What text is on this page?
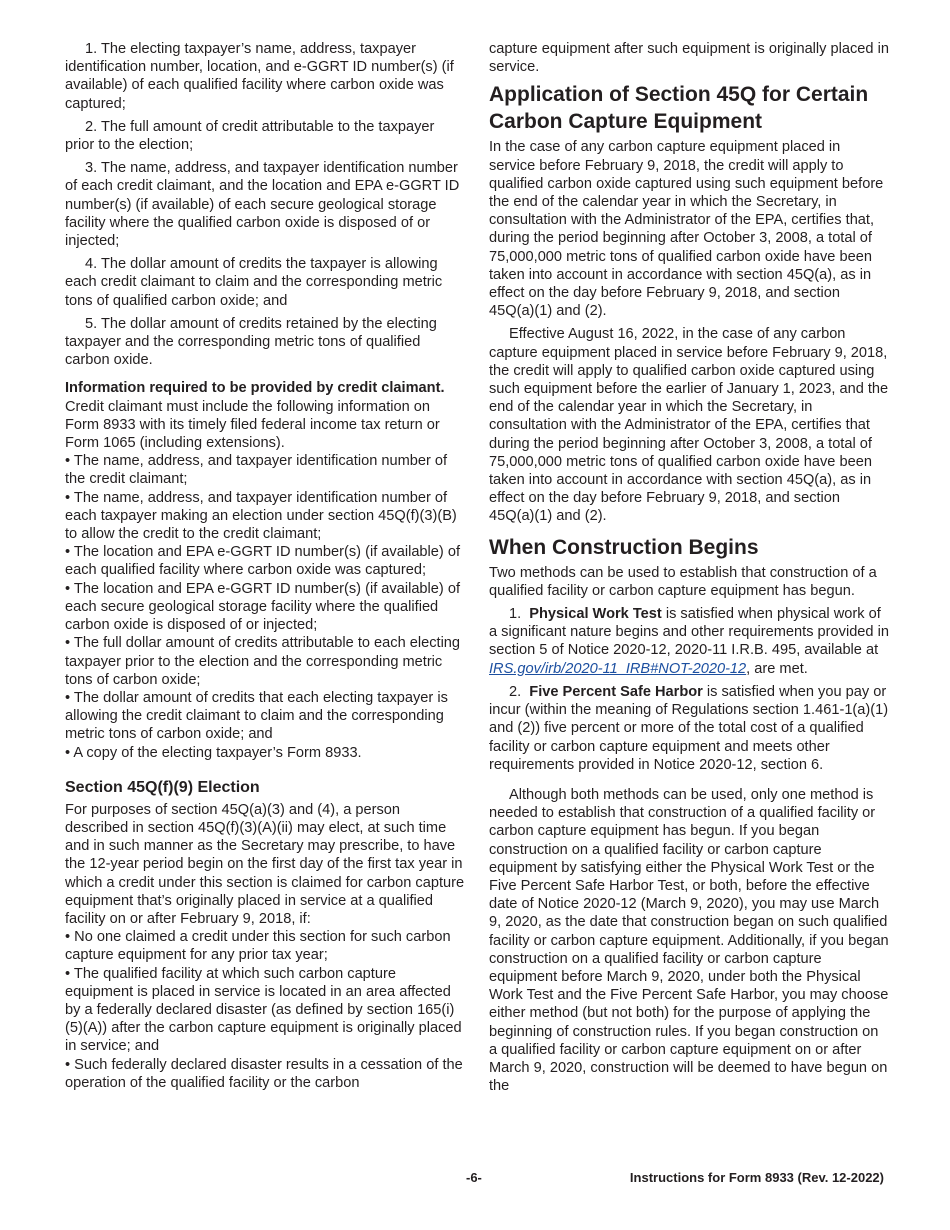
1. The electing taxpayer’s name, address, taxpayer identification number, location, and e-GGRT ID number(s) (if available) of each qualified facility where carbon oxide was captured;

2. The full amount of credit attributable to the taxpayer prior to the election;

3. The name, address, and taxpayer identification number of each credit claimant, and the location and EPA e-GGRT ID number(s) (if available) of each secure geological storage facility where the qualified carbon oxide is disposed of or injected;

4. The dollar amount of credits the taxpayer is allowing each credit claimant to claim and the corresponding metric tons of qualified carbon oxide; and

5. The dollar amount of credits retained by the electing taxpayer and the corresponding metric tons of qualified carbon oxide.

Information required to be provided by credit claimant.  Credit claimant must include the following information on Form 8933 with its timely filed federal income tax return or Form 1065 (including extensions).

• The name, address, and taxpayer identification number of the credit claimant;

• The name, address, and taxpayer identification number of each taxpayer making an election under section 45Q(f)(3)(B) to allow the credit to the credit claimant;

• The location and EPA e-GGRT ID number(s) (if available) of each qualified facility where carbon oxide was captured;

• The location and EPA e-GGRT ID number(s) (if available) of each secure geological storage facility where the qualified carbon oxide is disposed of or injected;

• The full dollar amount of credits attributable to each electing taxpayer prior to the election and the corresponding metric tons of carbon oxide;

• The dollar amount of credits that each electing taxpayer is allowing the credit claimant to claim and the corresponding metric tons of carbon oxide; and

• A copy of the electing taxpayer’s Form 8933.

Section 45Q(f)(9) Election

For purposes of section 45Q(a)(3) and (4), a person described in section 45Q(f)(3)(A)(ii) may elect, at such time and in such manner as the Secretary may prescribe, to have the 12-year period begin on the first day of the first tax year in which a credit under this section is claimed for carbon capture equipment that’s originally placed in service at a qualified facility on or after February 9, 2018, if:

• No one claimed a credit under this section for such carbon capture equipment for any prior tax year;

• The qualified facility at which such carbon capture equipment is placed in service is located in an area affected by a federally declared disaster (as defined by section 165(i)(5)(A)) after the carbon capture equipment is originally placed in service; and

• Such federally declared disaster results in a cessation of the operation of the qualified facility or the carbon

capture equipment after such equipment is originally placed in service.

Application of Section 45Q for Certain Carbon Capture Equipment

In the case of any carbon capture equipment placed in service before February 9, 2018, the credit will apply to qualified carbon oxide captured using such equipment before the end of the calendar year in which the Secretary, in consultation with the Administrator of the EPA, certifies that, during the period beginning after October 3, 2008, a total of 75,000,000 metric tons of qualified carbon oxide have been taken into account in accordance with section 45Q(a), as in effect on the day before February 9, 2018, and section 45Q(a)(1) and (2).

Effective August 16, 2022, in the case of any carbon capture equipment placed in service before February 9, 2018, the credit will apply to qualified carbon oxide captured using such equipment before the earlier of January 1, 2023, and the end of the calendar year in which the Secretary, in consultation with the Administrator of the EPA, certifies that during the period beginning after October 3, 2008, a total of 75,000,000 metric tons of qualified carbon oxide have been taken into account in accordance with section 45Q(a), as in effect on the day before February 9, 2018, and section 45Q(a)(1) and (2).

When Construction Begins

Two methods can be used to establish that construction of a qualified facility or carbon capture equipment has begun.

1. Physical Work Test is satisfied when physical work of a significant nature begins and other requirements provided in section 5 of Notice 2020-12, 2020-11 I.R.B. 495, available at IRS.gov/irb/2020-11_IRB#NOT-2020-12, are met.

2. Five Percent Safe Harbor is satisfied when you pay or incur (within the meaning of Regulations section 1.461-1(a)(1) and (2)) five percent or more of the total cost of a qualified facility or carbon capture equipment and meets other requirements provided in Notice 2020-12, section 6.

Although both methods can be used, only one method is needed to establish that construction of a qualified facility or carbon capture equipment has begun. If you began construction on a qualified facility or carbon capture equipment by satisfying either the Physical Work Test or the Five Percent Safe Harbor Test, or both, before the effective date of Notice 2020-12 (March 9, 2020), you may use March 9, 2020, as the date that construction began on such qualified facility or carbon capture equipment. Additionally, if you began construction on a qualified facility or carbon capture equipment before March 9, 2020, under both the Physical Work Test and the Five Percent Safe Harbor, you may choose either method (but not both) for the purpose of applying the beginning of construction rules. If you began construction on a qualified facility or carbon capture equipment on or after March 9, 2020, construction will be deemed to have begun on the

-6-	Instructions for Form 8933 (Rev. 12-2022)
